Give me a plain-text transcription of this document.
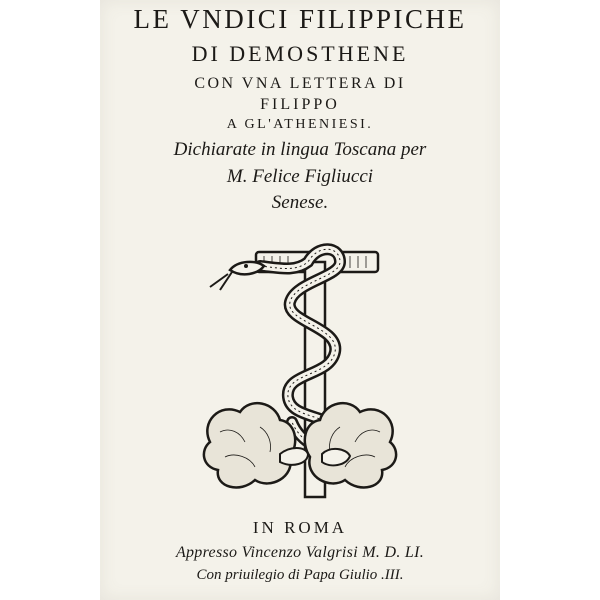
LE VNDICI FILIPPICHE
DI DEMOSTHENE
CON VNA LETTERA DI
FILIPPO
A GL'ATHENIESI.
Dichiarate in lingua Toscana per
M. Felice Figliucci
Senese.
IN ROMA
Appresso Vincenzo Valgrisi M. D. LI.
Con priuilegio di Papa Giulio .III.
